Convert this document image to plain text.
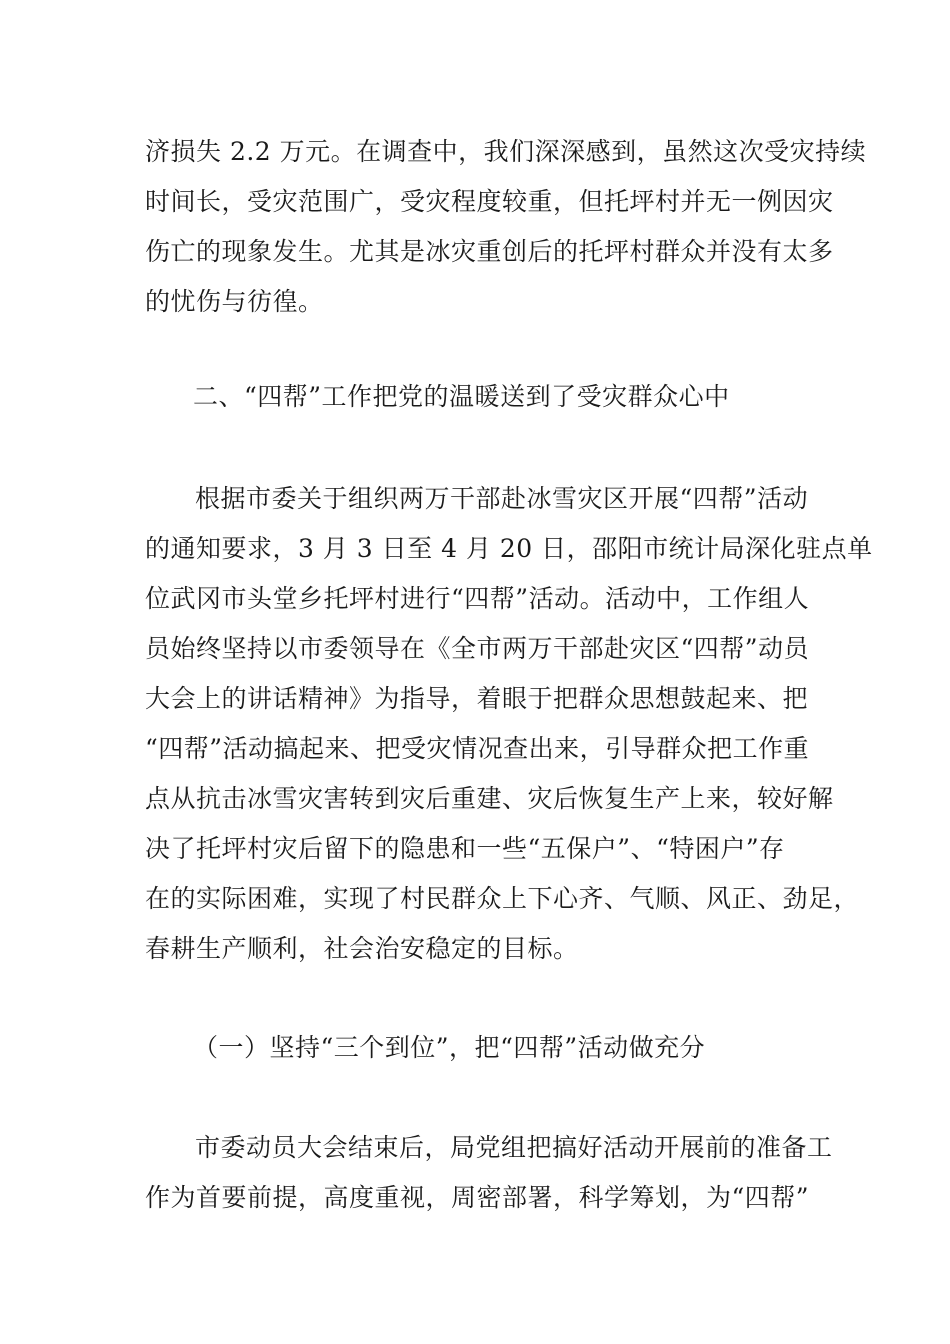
济损失 2.2 万元。在调查中，我们深深感到，虽然这次受灾持续
时间长，受灾范围广，受灾程度较重，但托坪村并无一例因灾
伤亡的现象发生。尤其是冰灾重创后的托坪村群众并没有太多
的忧伤与彷徨。
二、“四帮”工作把党的温暖送到了受灾群众心中
根据市委关于组织两万干部赴冰雪灾区开展“四帮”活动
的通知要求，3 月 3 日至 4 月 20 日，邵阳市统计局深化驻点单
位武冈市头堂乡托坪村进行“四帮”活动。活动中，工作组人
员始终坚持以市委领导在《全市两万干部赴灾区“四帮”动员
大会上的讲话精神》为指导，着眼于把群众思想鼓起来、把
“四帮”活动搞起来、把受灾情况查出来，引导群众把工作重
点从抗击冰雪灾害转到灾后重建、灾后恢复生产上来，较好解
决了托坪村灾后留下的隐患和一些“五保户”、“特困户”存
在的实际困难，实现了村民群众上下心齐、气顺、风正、劲足，
春耕生产顺利，社会治安稳定的目标。
（一）坚持“三个到位”，把“四帮”活动做充分
市委动员大会结束后，局党组把搞好活动开展前的准备工
作为首要前提，高度重视，周密部署，科学筹划，为“四帮”
